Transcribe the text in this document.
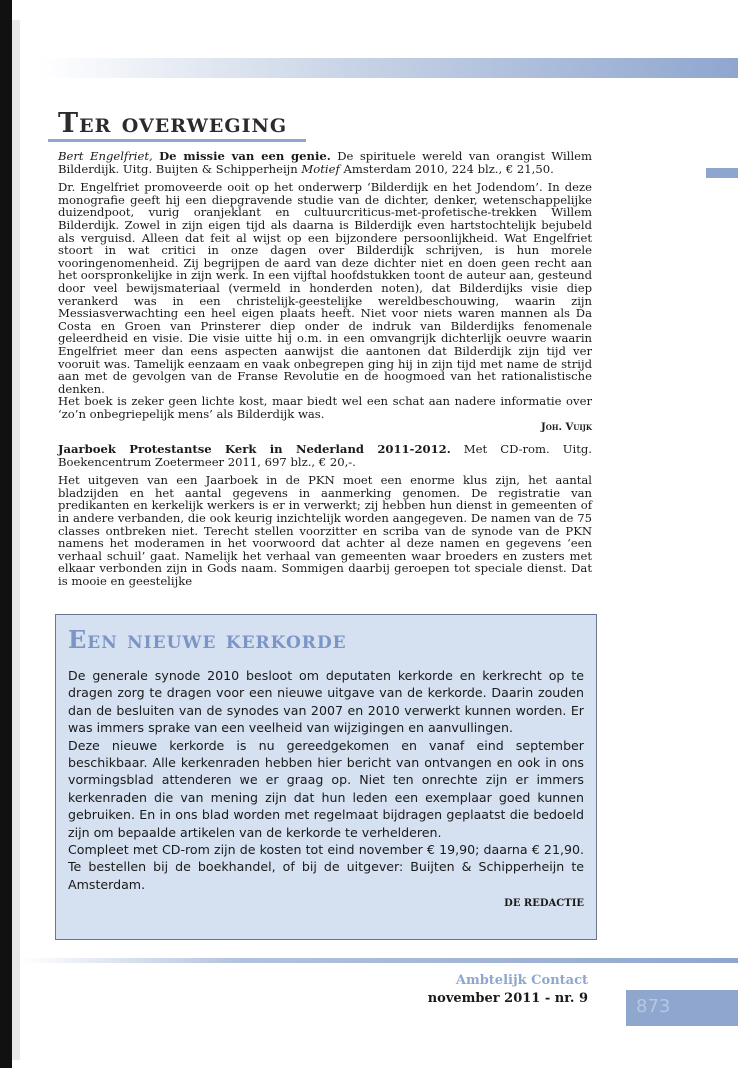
Ter overweging

Bert Engelfriet, De missie van een genie. De spirituele wereld van orangist Willem Bilderdijk. Uitg. Buijten & Schipperheijn Motief Amsterdam 2010, 224 blz., € 21,50.

Dr. Engelfriet promoveerde ooit op het onderwerp ‘Bilderdijk en het Jodendom’. In deze monografie geeft hij een diepgravende studie van de dichter, denker, wetenschappelijke duizendpoot, vurig oranjeklant en cultuurcriticus-met-profetische-trekken Willem Bilderdijk. Zowel in zijn eigen tijd als daarna is Bilderdijk even hartstochtelijk bejubeld als verguisd. Alleen dat feit al wijst op een bijzondere persoonlijkheid. Wat Engelfriet stoort in wat critici in onze dagen over Bilderdijk schrijven, is hun morele vooringenomenheid. Zij begrijpen de aard van deze dichter niet en doen geen recht aan het oorspronkelijke in zijn werk. In een vijftal hoofdstukken toont de auteur aan, gesteund door veel bewijsmateriaal (vermeld in honderden noten), dat Bilderdijks visie diep verankerd was in een christelijk-geestelijke wereldbeschouwing, waarin zijn Messiasverwachting een heel eigen plaats heeft. Niet voor niets waren mannen als Da Costa en Groen van Prinsterer diep onder de indruk van Bilderdijks fenomenale geleerdheid en visie. Die visie uitte hij o.m. in een omvangrijk dichterlijk oeuvre waarin Engelfriet meer dan eens aspecten aanwijst die aantonen dat Bilderdijk zijn tijd ver vooruit was. Tamelijk eenzaam en vaak onbegrepen ging hij in zijn tijd met name de strijd aan met de gevolgen van de Franse Revolutie en de hoogmoed van het rationalistische denken.

Het boek is zeker geen lichte kost, maar biedt wel een schat aan nadere informatie over ‘zo’n onbegriepelijk mens’ als Bilderdijk was.

Joh. Vuijk

Jaarboek Protestantse Kerk in Nederland 2011-2012. Met CD-rom. Uitg. Boekencentrum Zoetermeer 2011, 697 blz., € 20,-.

Het uitgeven van een Jaarboek in de PKN moet een enorme klus zijn, het aantal bladzijden en het aantal gegevens in aanmerking genomen. De registratie van predikanten en kerkelijk werkers is er in verwerkt; zij hebben hun dienst in gemeenten of in andere verbanden, die ook keurig inzichtelijk worden aangegeven. De namen van de 75 classes ontbreken niet. Terecht stellen voorzitter en scriba van de synode van de PKN namens het moderamen in het voorwoord dat achter al deze namen en gegevens ‘een verhaal schuil’ gaat. Namelijk het verhaal van gemeenten waar broeders en zusters met elkaar verbonden zijn in Gods naam. Sommigen daarbij geroepen tot speciale dienst. Dat is mooie en geestelijke

Een nieuwe kerkorde

De generale synode 2010 besloot om deputaten kerkorde en kerkrecht op te dragen zorg te dragen voor een nieuwe uitgave van de kerkorde. Daarin zouden dan de besluiten van de synodes van 2007 en 2010 verwerkt kunnen worden. Er was immers sprake van een veelheid van wijzigingen en aanvullingen.

Deze nieuwe kerkorde is nu gereedgekomen en vanaf eind september beschikbaar. Alle kerkenraden hebben hier bericht van ontvangen en ook in ons vormingsblad attenderen we er graag op. Niet ten onrechte zijn er immers kerkenraden die van mening zijn dat hun leden een exemplaar goed kunnen gebruiken. En in ons blad worden met regelmaat bijdragen geplaatst die bedoeld zijn om bepaalde artikelen van de kerkorde te verhelderen.

Compleet met CD-rom zijn de kosten tot eind november € 19,90; daarna € 21,90. Te bestellen bij de boekhandel, of bij de uitgever: Buijten & Schipperheijn te Amsterdam.

DE REDACTIE

Ambtelijk Contact
november 2011 - nr. 9	873
